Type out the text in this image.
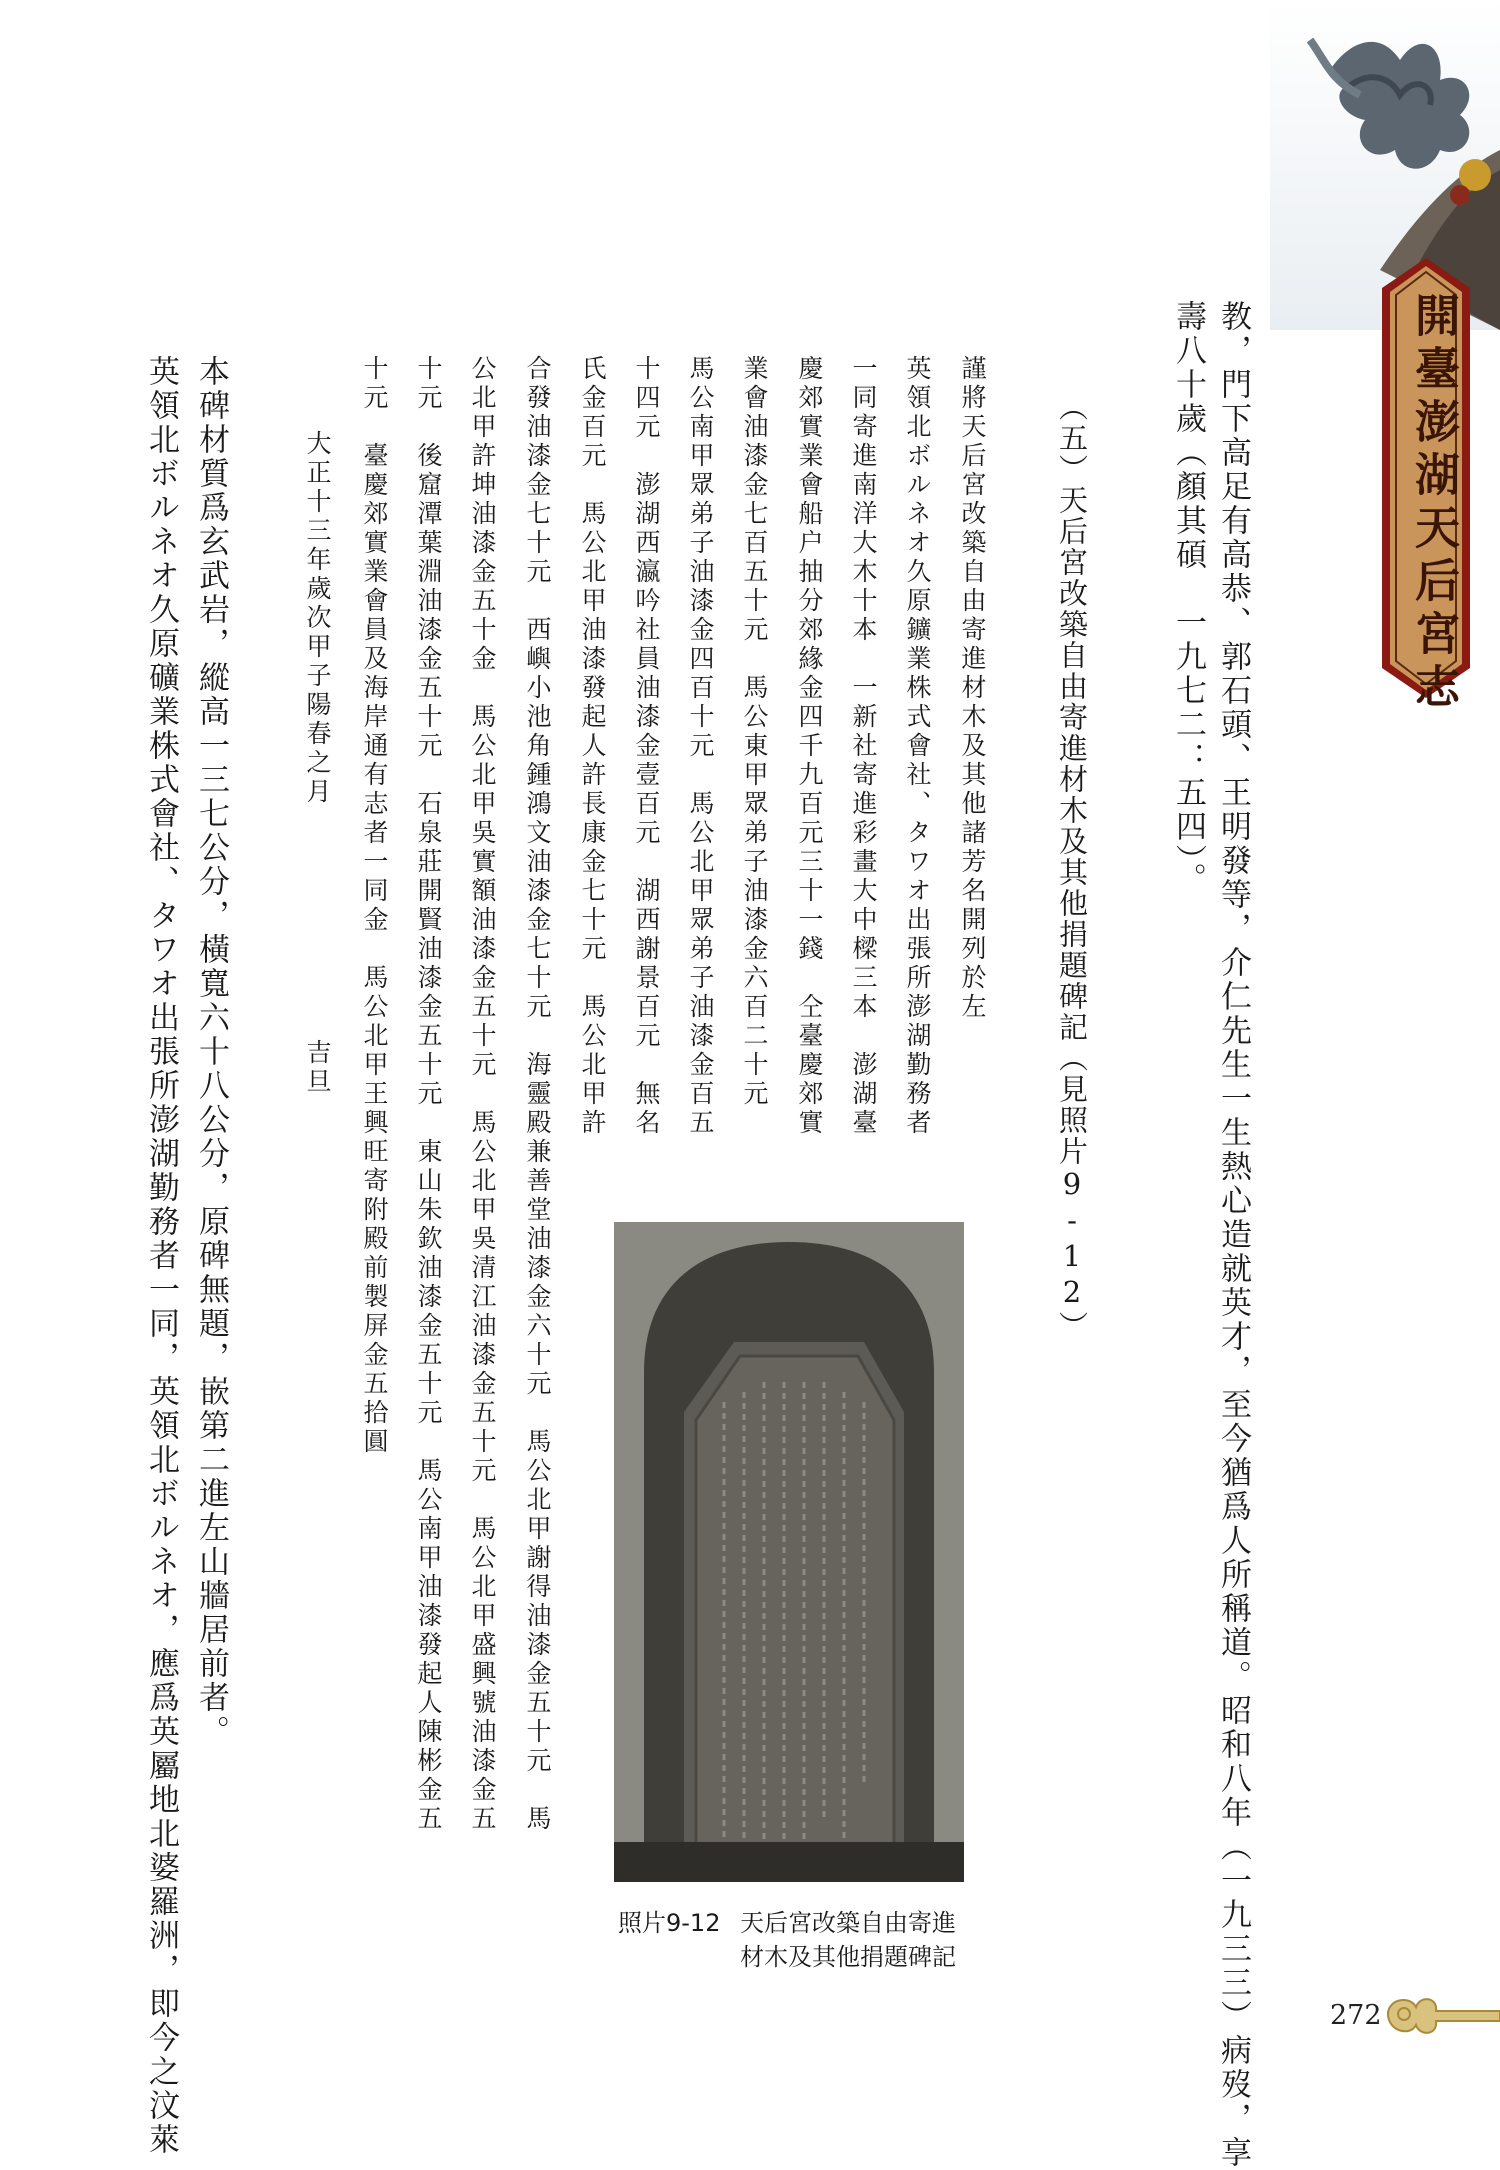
開臺澎湖天后宮志
教，門下高足有高恭、郭石頭、王明發等，介仁先生一生熱心造就英才，至今猶爲人所稱道。昭和八年（一九三三）病歿，享
壽八十歲（顏其碩　一九七二：五四）。
（五）天后宮改築自由寄進材木及其他捐題碑記（見照片9-12）
謹將天后宮改築自由寄進材木及其他諸芳名開列於左
英領北ボルネオ久原鑛業株式會社、タワオ出張所澎湖勤務者
一同寄進南洋大木十本　一新社寄進彩畫大中樑三本　澎湖臺
慶郊實業會船户抽分郊緣金四千九百元三十一錢　仝臺慶郊實
業會油漆金七百五十元　馬公東甲眾弟子油漆金六百二十元
馬公南甲眾弟子油漆金四百十元　馬公北甲眾弟子油漆金百五
十四元　澎湖西瀛吟社員油漆金壹百元　湖西謝景百元　無名
氏金百元　馬公北甲油漆發起人許長康金七十元　馬公北甲許
合發油漆金七十元　西嶼小池角鍾鴻文油漆金七十元　海靈殿兼善堂油漆金六十元　馬公北甲謝得油漆金五十元　馬
公北甲許坤油漆金五十金　馬公北甲吳實額油漆金五十元　馬公北甲吳清江油漆金五十元　馬公北甲盛興號油漆金五
十元　後窟潭葉淵油漆金五十元　石泉莊開賢油漆金五十元　東山朱欽油漆金五十元　馬公南甲油漆發起人陳彬金五
十元　臺慶郊實業會員及海岸通有志者一同金　馬公北甲王興旺寄附殿前製屏金五拾圓
大正十三年歲次甲子陽春之月　　　　　　　　吉旦
本碑材質爲玄武岩，縱高一三七公分，橫寬六十八公分，原碑無題，嵌第二進左山牆居前者。
英領北ボルネオ久原礦業株式會社、タワオ出張所澎湖勤務者一同，英領北ボルネオ，應爲英屬地北婆羅洲，即今之汶萊	照片9-12 天后宮改築自由寄進
材木及其他捐題碑記
272
